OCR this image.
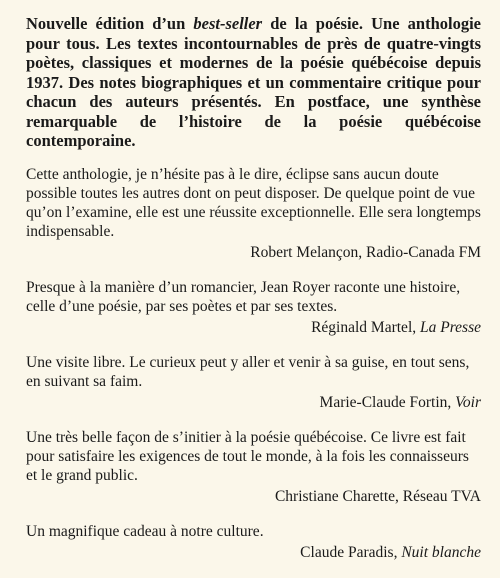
Nouvelle édition d’un best-seller de la poésie. Une anthologie pour tous. Les textes incontournables de près de quatre-vingts poètes, classiques et modernes de la poésie québécoise depuis 1937. Des notes biographiques et un commentaire critique pour chacun des auteurs présentés. En postface, une synthèse remarquable de l’histoire de la poésie québécoise contemporaine.

Cette anthologie, je n’hésite pas à le dire, éclipse sans aucun doute possible toutes les autres dont on peut disposer. De quelque point de vue qu’on l’examine, elle est une réussite exceptionnelle. Elle sera longtemps indispensable.

Robert Melançon, Radio-Canada FM

Presque à la manière d’un romancier, Jean Royer raconte une histoire, celle d’une poésie, par ses poètes et par ses textes.

Réginald Martel, La Presse

Une visite libre. Le curieux peut y aller et venir à sa guise, en tout sens, en suivant sa faim.

Marie-Claude Fortin, Voir

Une très belle façon de s’initier à la poésie québécoise. Ce livre est fait pour satisfaire les exigences de tout le monde, à la fois les connaisseurs et le grand public.

Christiane Charette, Réseau TVA

Un magnifique cadeau à notre culture.

Claude Paradis, Nuit blanche
